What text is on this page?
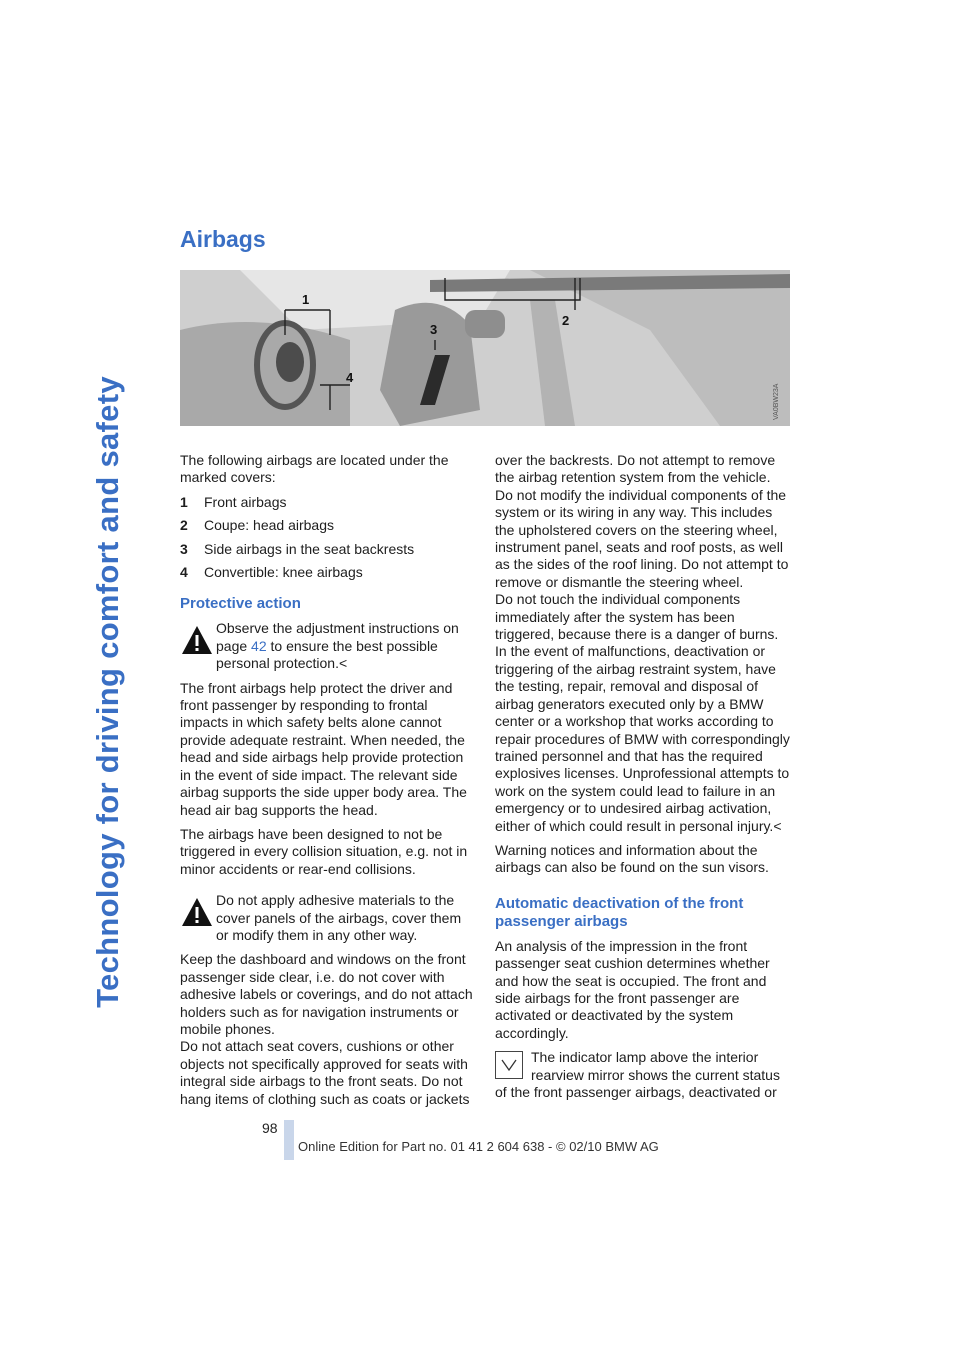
Technology for driving comfort and safety
Airbags
1
2
3
4
VA0BW23A

The following airbags are located under the marked covers:

1	Front airbags
2	Coupe: head airbags
3	Side airbags in the seat backrests
4	Convertible: knee airbags
Protective action
Observe the adjustment instructions on page 42 to ensure the best possible personal protection.<

The front airbags help protect the driver and front passenger by responding to frontal impacts in which safety belts alone cannot provide adequate restraint. When needed, the head and side airbags help provide protection in the event of side impact. The relevant side airbag supports the side upper body area. The head air bag supports the head.

The airbags have been designed to not be triggered in every collision situation, e.g. not in minor accidents or rear-end collisions.

Do not apply adhesive materials to the cover panels of the airbags, cover them or modify them in any other way.

Keep the dashboard and windows on the front passenger side clear, i.e. do not cover with adhesive labels or coverings, and do not attach holders such as for navigation instruments or mobile phones.

Do not attach seat covers, cushions or other objects not specifically approved for seats with integral side airbags to the front seats. Do not hang items of clothing such as coats or jackets

over the backrests. Do not attempt to remove the airbag retention system from the vehicle.

Do not modify the individual components of the system or its wiring in any way. This includes the upholstered covers on the steering wheel, instrument panel, seats and roof posts, as well as the sides of the roof lining. Do not attempt to remove or dismantle the steering wheel.

Do not touch the individual components immediately after the system has been triggered, because there is a danger of burns.

In the event of malfunctions, deactivation or triggering of the airbag restraint system, have the testing, repair, removal and disposal of airbag generators executed only by a BMW center or a workshop that works according to repair procedures of BMW with correspondingly trained personnel and that has the required explosives licenses. Unprofessional attempts to work on the system could lead to failure in an emergency or to undesired airbag activation, either of which could result in personal injury.<

Warning notices and information about the airbags can also be found on the sun visors.

Automatic deactivation of the front passenger airbags

An analysis of the impression in the front passenger seat cushion determines whether and how the seat is occupied. The front and side airbags for the front passenger are activated or deactivated by the system accordingly.

The indicator lamp above the interior rearview mirror shows the current status of the front passenger airbags, deactivated or

98
Online Edition for Part no. 01 41 2 604 638 - © 02/10 BMW AG
